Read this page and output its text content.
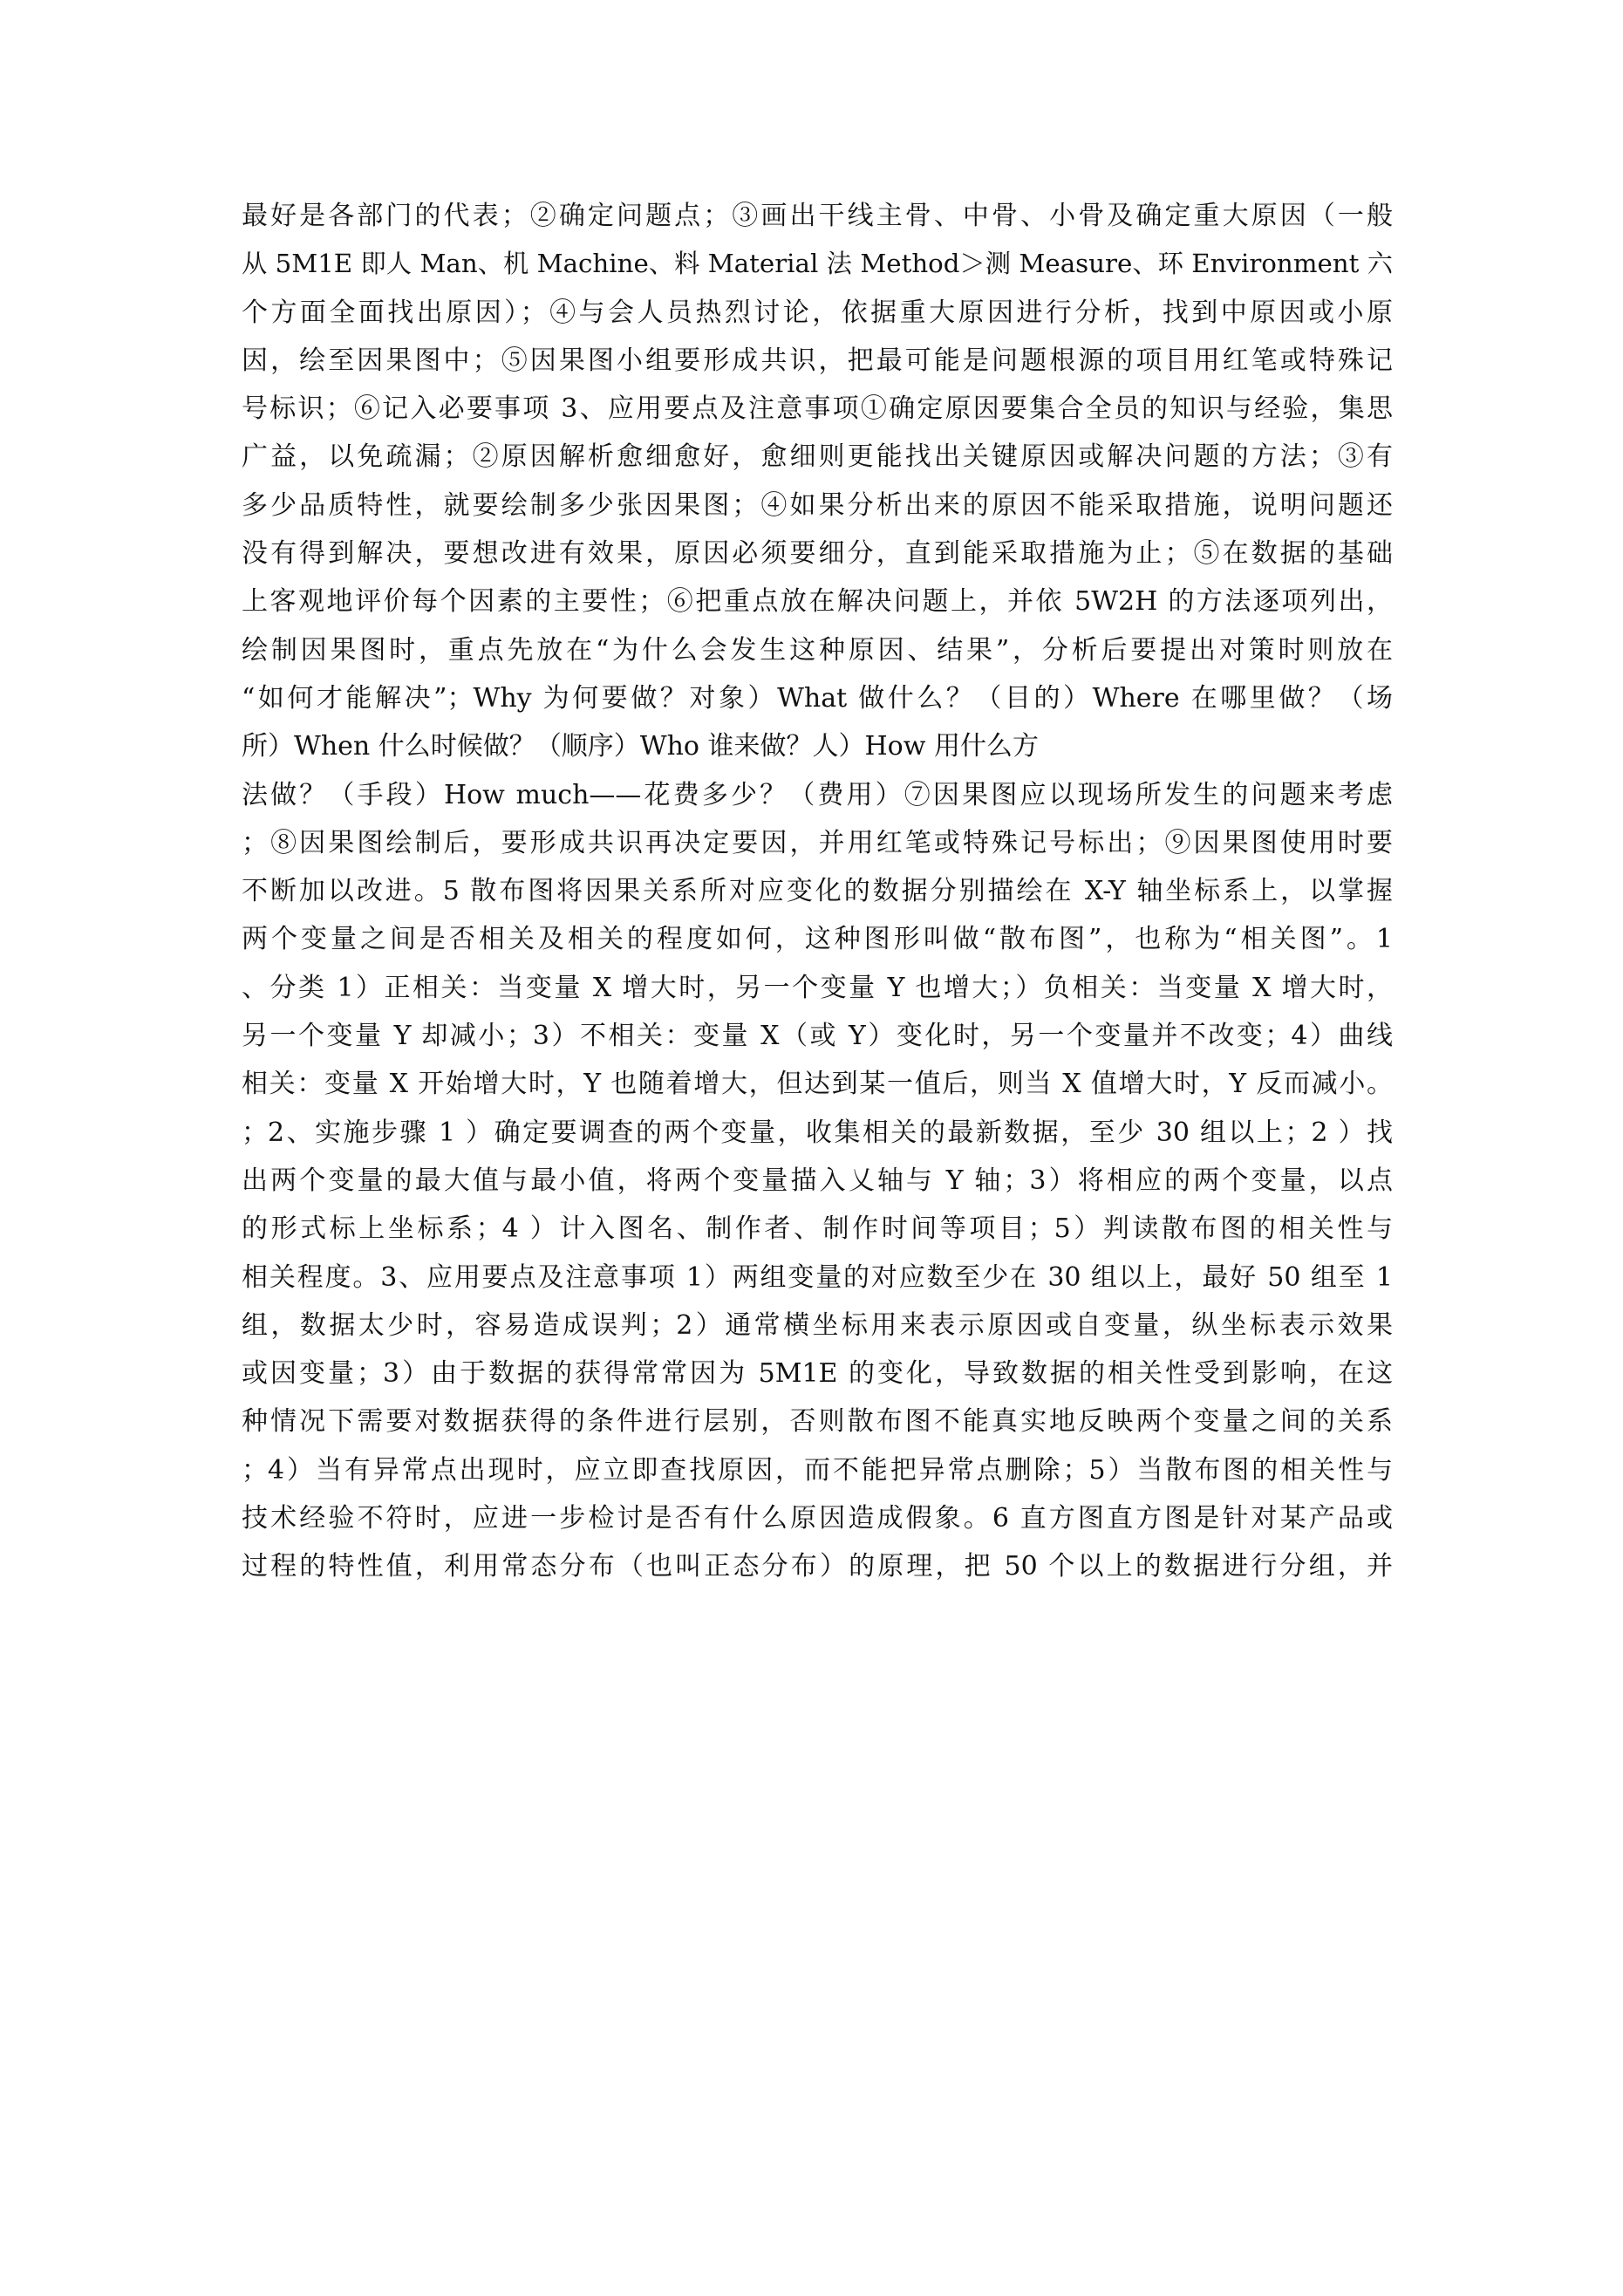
最好是各部门的代表；②确定问题点；③画出干线主骨、中骨、小骨及确定重大原因（一般
从 5M1E 即人 Man、机 Machine、料 Material 法 Method＞测 Measure、环 Environment 六
个方面全面找出原因）；④与会人员热烈讨论，依据重大原因进行分析，找到中原因或小原
因，绘至因果图中；⑤因果图小组要形成共识，把最可能是问题根源的项目用红笔或特殊记
号标识；⑥记入必要事项 3、应用要点及注意事项①确定原因要集合全员的知识与经验，集思
广益，以免疏漏；②原因解析愈细愈好，愈细则更能找出关键原因或解决问题的方法；③有
多少品质特性，就要绘制多少张因果图；④如果分析出来的原因不能采取措施，说明问题还
没有得到解决，要想改进有效果，原因必须要细分，直到能采取措施为止；⑤在数据的基础
上客观地评价每个因素的主要性；⑥把重点放在解决问题上，并依 5W2H 的方法逐项列出，
绘制因果图时，重点先放在“为什么会发生这种原因、结果”，分析后要提出对策时则放在
“如何才能解决”；Why 为何要做？对象）What 做什么？（目的）Where 在哪里做？（场
所）When 什么时候做？（顺序）Who 谁来做？人）How 用什么方
法做？（手段）How much——花费多少？（费用）⑦因果图应以现场所发生的问题来考虑
；⑧因果图绘制后，要形成共识再决定要因，并用红笔或特殊记号标出；⑨因果图使用时要
不断加以改进。5 散布图将因果关系所对应变化的数据分别描绘在 X-Y 轴坐标系上，以掌握
两个变量之间是否相关及相关的程度如何，这种图形叫做“散布图”，也称为“相关图”。1
、分类 1）正相关：当变量 X 增大时，另一个变量 Y 也增大；）负相关：当变量 X 增大时，
另一个变量 Y 却减小；3）不相关：变量 X（或 Y）变化时，另一个变量并不改变；4）曲线
相关：变量 X 开始增大时，Y 也随着增大，但达到某一值后，则当 X 值增大时，Y 反而减小。
；2、实施步骤 1 ）确定要调查的两个变量，收集相关的最新数据，至少 30 组以上；2 ）找
出两个变量的最大值与最小值，将两个变量描入乂轴与 Y 轴；3）将相应的两个变量，以点
的形式标上坐标系；4 ）计入图名、制作者、制作时间等项目；5）判读散布图的相关性与
相关程度。3、应用要点及注意事项 1）两组变量的对应数至少在 30 组以上，最好 50 组至 1
组，数据太少时，容易造成误判；2）通常横坐标用来表示原因或自变量，纵坐标表示效果
或因变量；3）由于数据的获得常常因为 5M1E 的变化，导致数据的相关性受到影响，在这
种情况下需要对数据获得的条件进行层别，否则散布图不能真实地反映两个变量之间的关系
；4）当有异常点出现时，应立即查找原因，而不能把异常点删除；5）当散布图的相关性与
技术经验不符时，应进一步检讨是否有什么原因造成假象。6 直方图直方图是针对某产品或
过程的特性值，利用常态分布（也叫正态分布）的原理，把 50 个以上的数据进行分组，并
